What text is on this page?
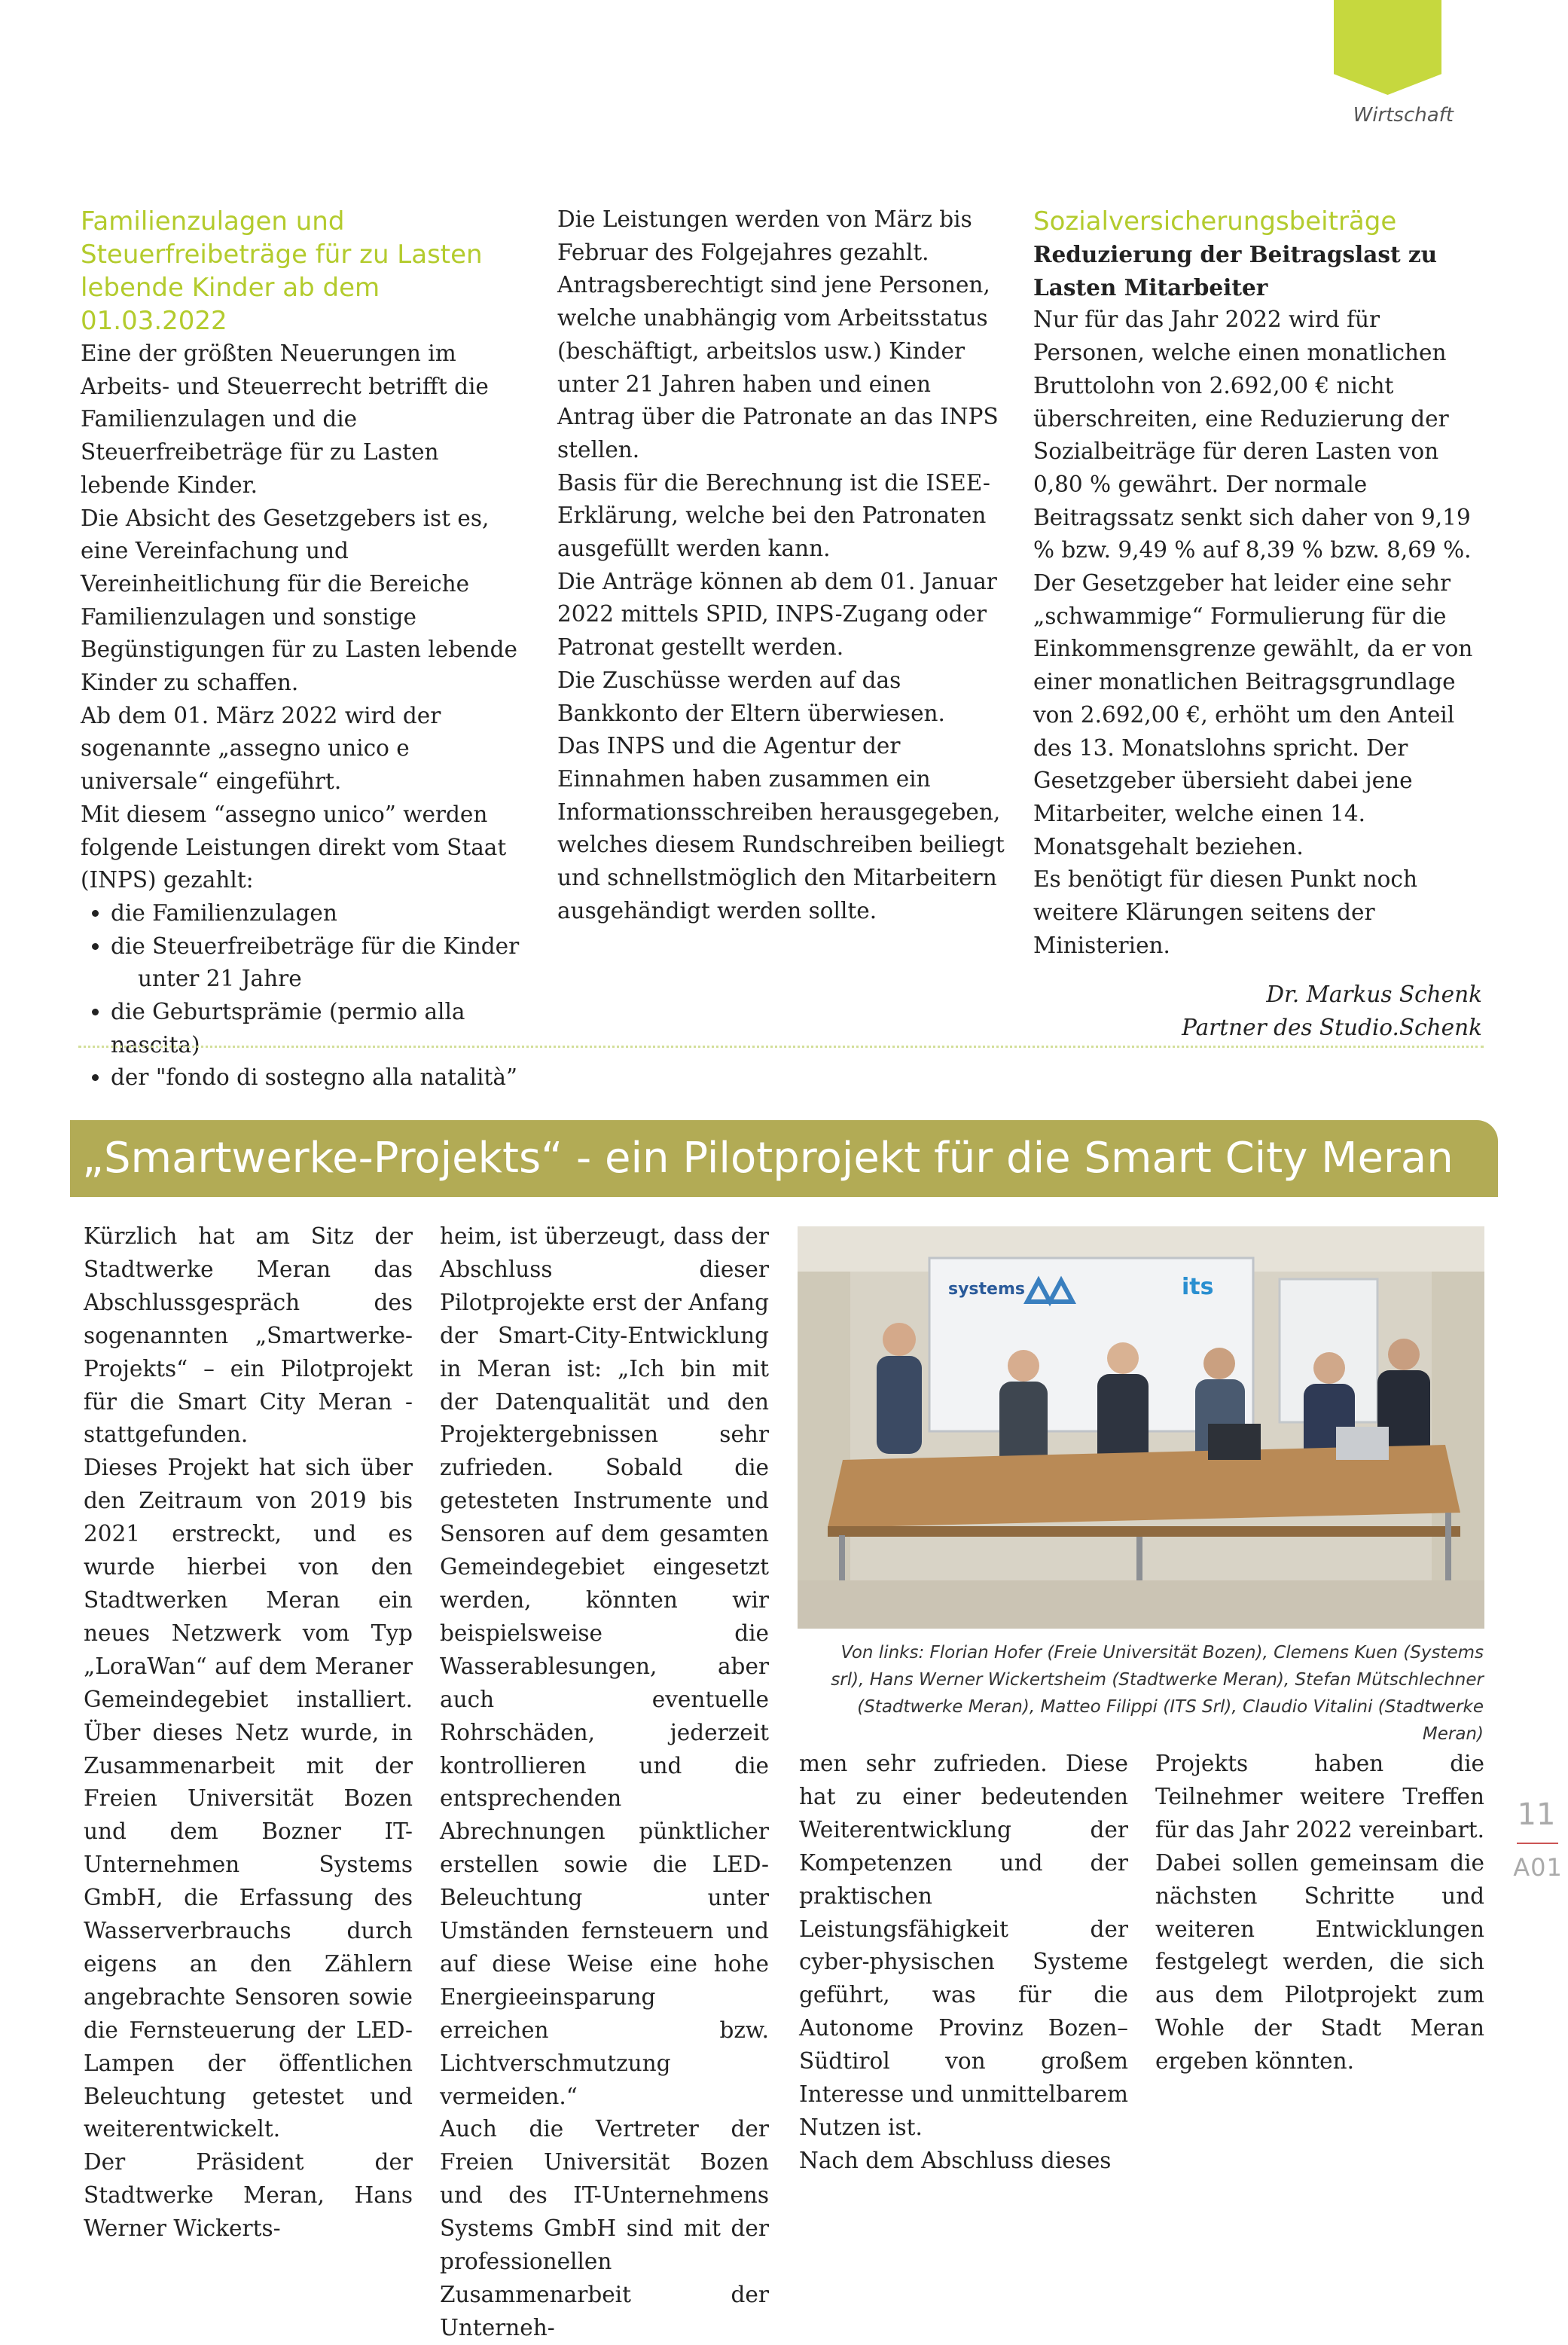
Wirtschaft

Familienzulagen und Steuerfreibeträge für zu Lasten lebende Kinder ab dem 01.03.2022

Eine der größten Neuerungen im Arbeits- und Steuerrecht betrifft die Familienzulagen und die Steuerfreibeträge für zu Lasten lebende Kinder.

Die Absicht des Gesetzgebers ist es, eine Vereinfachung und Vereinheitlichung für die Bereiche Familienzulagen und sonstige Begünstigungen für zu Lasten lebende Kinder zu schaffen.

Ab dem 01. März 2022 wird der sogenannte „assegno unico e universale“ eingeführt.

Mit diesem “assegno unico” werden folgende Leistungen direkt vom Staat (INPS) gezahlt:

• die Familienzulagen
• die Steuerfreibeträge für die Kinder
unter 21 Jahre
• die Geburtsprämie (permio alla nascita)
• der "fondo di sostegno alla natalità”

Die Leistungen werden von März bis Februar des Folgejahres gezahlt.

Antragsberechtigt sind jene Personen, welche unabhängig vom Arbeitsstatus (beschäftigt, arbeitslos usw.) Kinder unter 21 Jahren haben und einen Antrag über die Patronate an das INPS stellen.

Basis für die Berechnung ist die ISEE-Erklärung, welche bei den Patronaten ausgefüllt werden kann.

Die Anträge können ab dem 01. Januar 2022 mittels SPID, INPS-Zugang oder Patronat gestellt werden.

Die Zuschüsse werden auf das Bankkonto der Eltern überwiesen.

Das INPS und die Agentur der Einnahmen haben zusammen ein Informationsschreiben herausgegeben, welches diesem Rundschreiben beiliegt und schnellstmöglich den Mitarbeitern ausgehändigt werden sollte.

Sozialversicherungsbeiträge

Reduzierung der Beitragslast zu Lasten Mitarbeiter

Nur für das Jahr 2022 wird für Personen, welche einen monatlichen Bruttolohn von 2.692,00 € nicht überschreiten, eine Reduzierung der Sozialbeiträge für deren Lasten von 0,80 % gewährt. Der normale Beitragssatz senkt sich daher von 9,19 % bzw. 9,49 % auf 8,39 % bzw. 8,69 %.

Der Gesetzgeber hat leider eine sehr „schwammige“ Formulierung für die Einkommensgrenze gewählt, da er von einer monatlichen Beitragsgrundlage von 2.692,00 €, erhöht um den Anteil des 13. Monatslohns spricht. Der Gesetzgeber übersieht dabei jene Mitarbeiter, welche einen 14. Monatsgehalt beziehen.

Es benötigt für diesen Punkt noch weitere Klärungen seitens der Ministerien.

Dr. Markus Schenk

Partner des Studio.Schenk

„Smartwerke-Projekts“ - ein Pilotprojekt für die Smart City Meran

Kürzlich hat am Sitz der Stadtwerke Meran das Abschlussgespräch des sogenannten „Smartwerke-Projekts“ – ein Pilotprojekt für die Smart City Meran - stattgefunden.

Dieses Projekt hat sich über den Zeitraum von 2019 bis 2021 erstreckt, und es wurde hierbei von den Stadtwerken Meran ein neues Netzwerk vom Typ „LoraWan“ auf dem Meraner Gemeindegebiet installiert. Über dieses Netz wurde, in Zusammenarbeit mit der Freien Universität Bozen und dem Bozner IT-Unternehmen Systems GmbH, die Erfassung des Wasserverbrauchs durch eigens an den Zählern angebrachte Sensoren sowie die Fernsteuerung der LED-Lampen der öffentlichen Beleuchtung getestet und weiterentwickelt.

Der Präsident der Stadtwerke Meran, Hans Werner Wickerts-

heim, ist überzeugt, dass der Abschluss dieser Pilotprojekte erst der Anfang der Smart-City-Entwicklung in Meran ist: „Ich bin mit der Datenqualität und den Projektergebnissen sehr zufrieden. Sobald die getesteten Instrumente und Sensoren auf dem gesamten Gemeindegebiet eingesetzt werden, könnten wir beispielsweise die Wasserablesungen, aber auch eventuelle Rohrschäden, jederzeit kontrollieren und die entsprechenden Abrechnungen pünktlicher erstellen sowie die LED-Beleuchtung unter Umständen fernsteuern und auf diese Weise eine hohe Energieeinsparung erreichen bzw. Lichtverschmutzung vermeiden.“

Auch die Vertreter der Freien Universität Bozen und des IT-Unternehmens Systems GmbH sind mit der professionellen Zusammenarbeit der Unterneh-

systems	its
Von links: Florian Hofer (Freie Universität Bozen), Clemens Kuen (Systems srl), Hans Werner Wickertsheim (Stadtwerke Meran), Stefan Mütschlechner (Stadtwerke Meran), Matteo Filippi (ITS Srl), Claudio Vitalini (Stadtwerke Meran)

men sehr zufrieden. Diese hat zu einer bedeutenden Weiterentwicklung der Kompetenzen und der praktischen Leistungsfähigkeit der cyber-physischen Systeme geführt, was für die Autonome Provinz Bozen–Südtirol von großem Interesse und unmittelbarem Nutzen ist.

Nach dem Abschluss dieses

Projekts haben die Teilnehmer weitere Treffen für das Jahr 2022 vereinbart. Dabei sollen gemeinsam die nächsten Schritte und weiteren Entwicklungen festgelegt werden, die sich aus dem Pilotprojekt zum Wohle der Stadt Meran ergeben könnten.

11
A01
